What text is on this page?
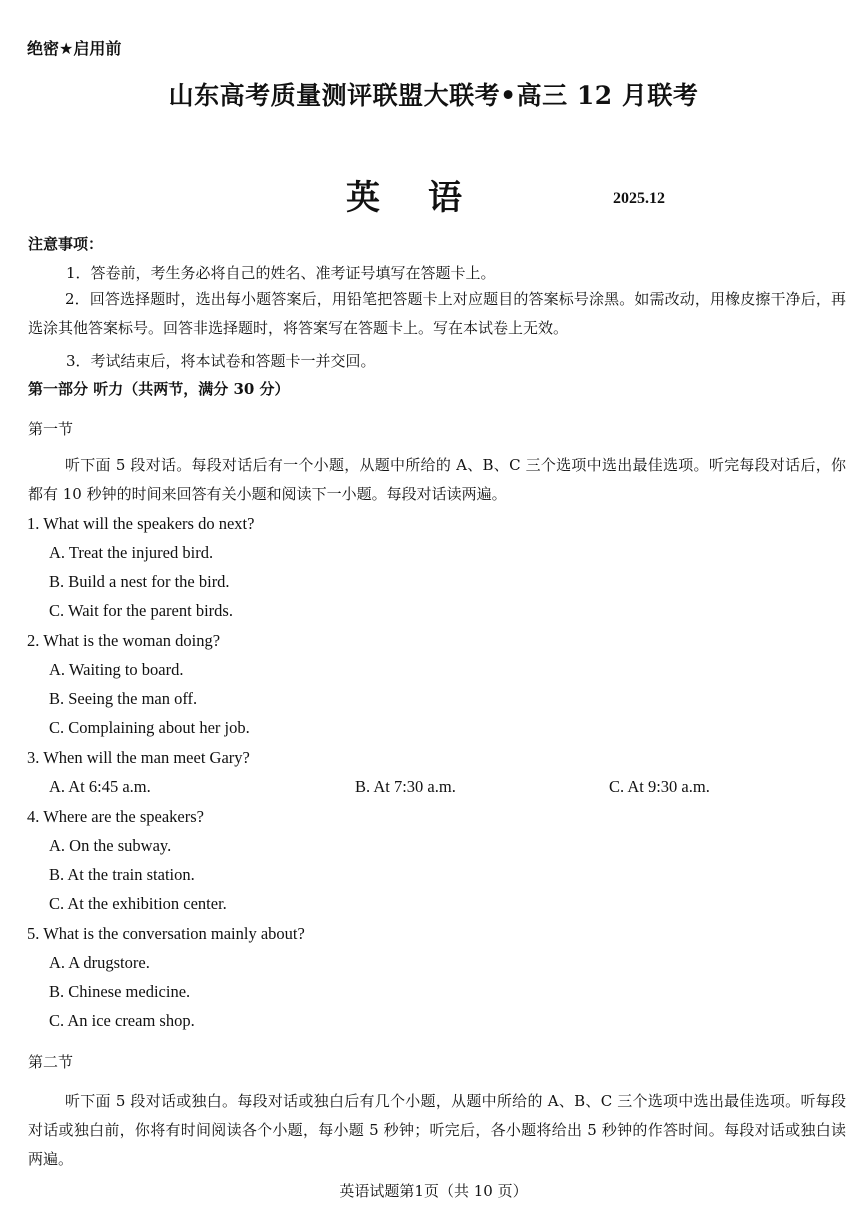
绝密★启用前
山东高考质量测评联盟大联考•高三 12 月联考
英语	2025.12
注意事项：
1．答卷前，考生务必将自己的姓名、准考证号填写在答题卡上。
2．回答选择题时，选出每小题答案后，用铅笔把答题卡上对应题目的答案标号涂黑。如需改动，用橡皮擦干净后，再选涂其他答案标号。回答非选择题时，将答案写在答题卡上。写在本试卷上无效。
3．考试结束后，将本试卷和答题卡一并交回。
第一部分 听力（共两节，满分 30 分）
第一节
听下面 5 段对话。每段对话后有一个小题，从题中所给的 A、B、C 三个选项中选出最佳选项。听完每段对话后，你都有 10 秒钟的时间来回答有关小题和阅读下一小题。每段对话读两遍。
1. What will the speakers do next?
A. Treat the injured bird.
B. Build a nest for the bird.
C. Wait for the parent birds.
2. What is the woman doing?
A. Waiting to board.
B. Seeing the man off.
C. Complaining about her job.
3. When will the man meet Gary?
A. At 6:45 a.m.	B. At 7:30 a.m.	C. At 9:30 a.m.
4. Where are the speakers?
A. On the subway.
B. At the train station.
C. At the exhibition center.
5. What is the conversation mainly about?
A. A drugstore.
B. Chinese medicine.
C. An ice cream shop.
第二节
听下面 5 段对话或独白。每段对话或独白后有几个小题，从题中所给的 A、B、C 三个选项中选出最佳选项。听每段对话或独白前，你将有时间阅读各个小题，每小题 5 秒钟；听完后，各小题将给出 5 秒钟的作答时间。每段对话或独白读两遍。
英语试题第1页（共 10 页）
